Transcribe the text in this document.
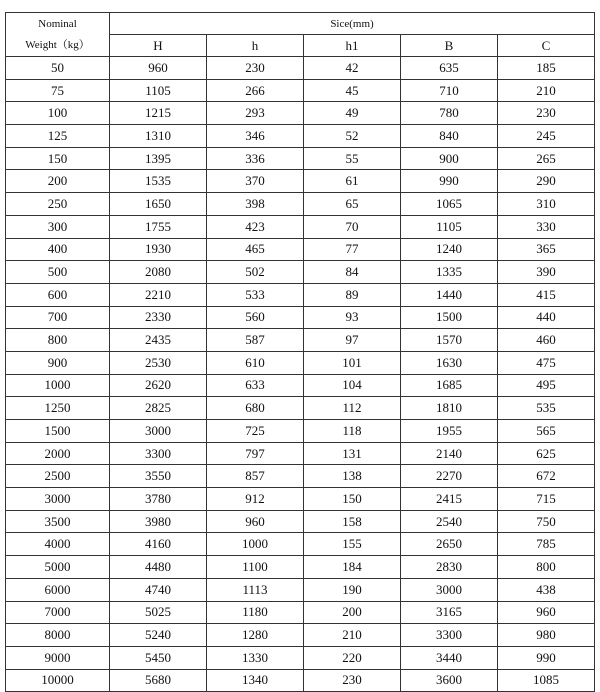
Nominal
Weight（kg）	Sice(mm)				
	H	h	h1	B	C
50	960	230	42	635	185
75	1105	266	45	710	210
100	1215	293	49	780	230
125	1310	346	52	840	245
150	1395	336	55	900	265
200	1535	370	61	990	290
250	1650	398	65	1065	310
300	1755	423	70	1105	330
400	1930	465	77	1240	365
500	2080	502	84	1335	390
600	2210	533	89	1440	415
700	2330	560	93	1500	440
800	2435	587	97	1570	460
900	2530	610	101	1630	475
1000	2620	633	104	1685	495
1250	2825	680	112	1810	535
1500	3000	725	118	1955	565
2000	3300	797	131	2140	625
2500	3550	857	138	2270	672
3000	3780	912	150	2415	715
3500	3980	960	158	2540	750
4000	4160	1000	155	2650	785
5000	4480	1100	184	2830	800
6000	4740	1113	190	3000	438
7000	5025	1180	200	3165	960
8000	5240	1280	210	3300	980
9000	5450	1330	220	3440	990
10000	5680	1340	230	3600	1085
